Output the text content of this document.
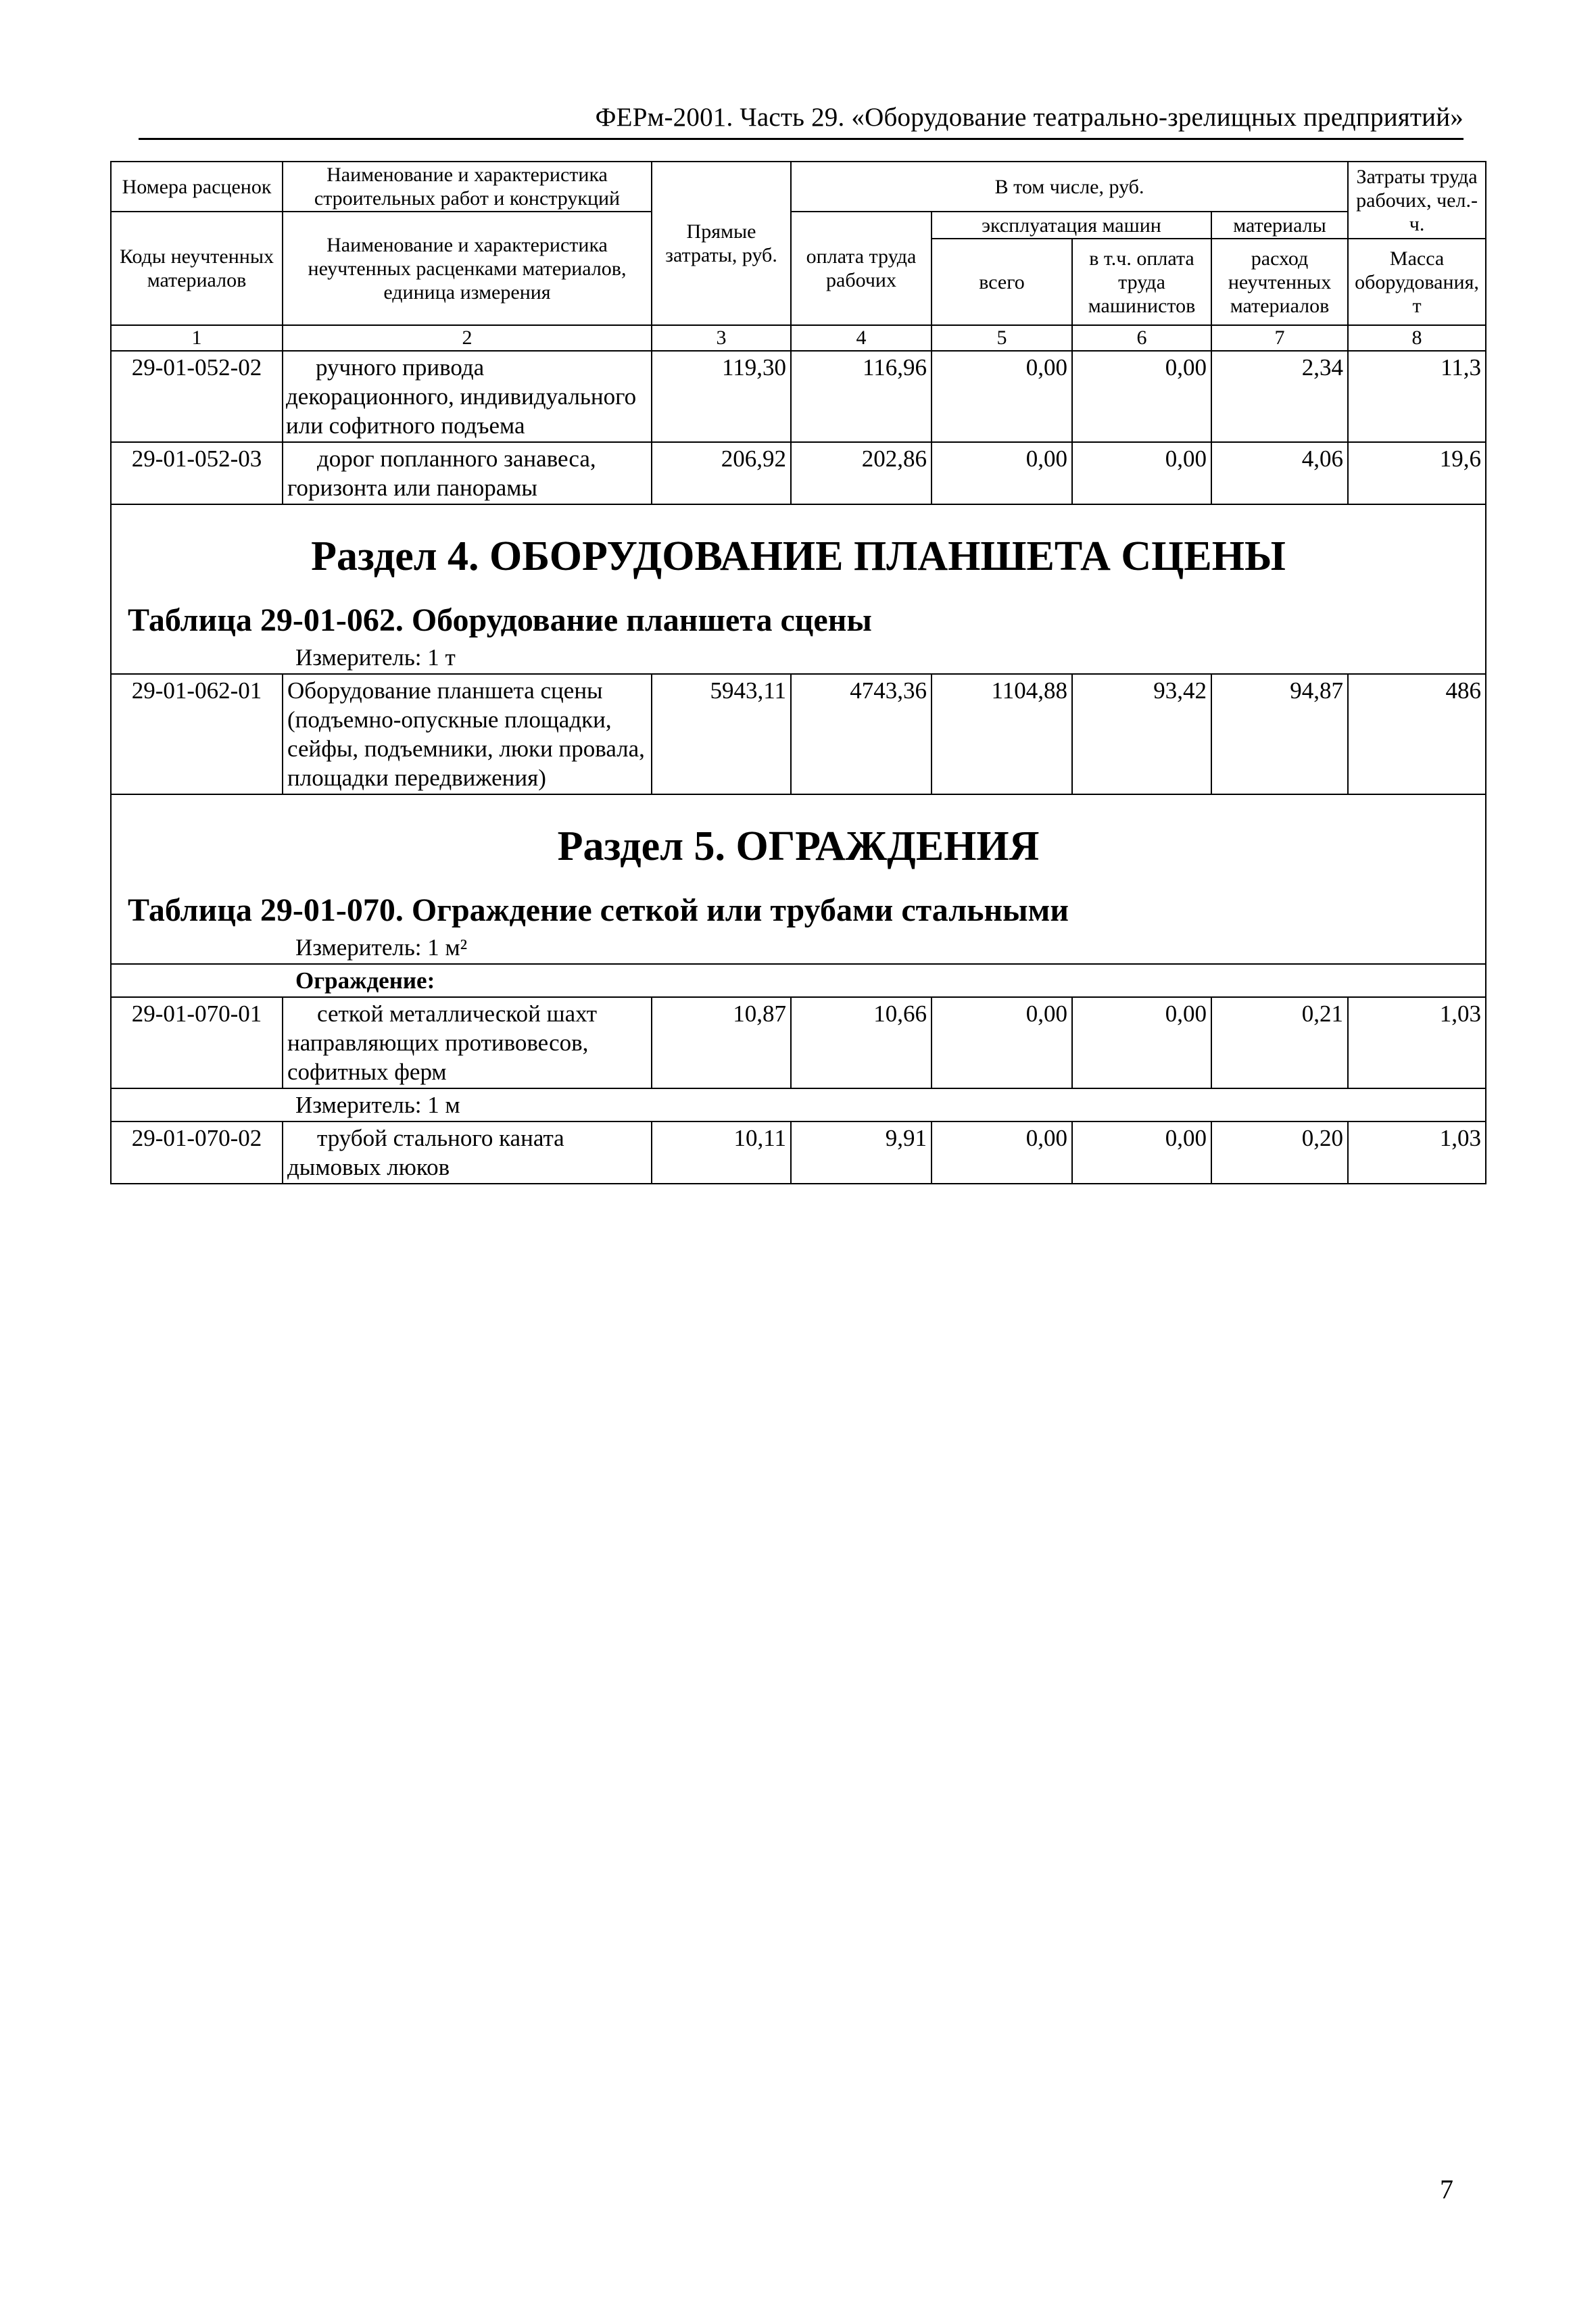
ФЕРм-2001. Часть 29. «Оборудование театрально-зрелищных предприятий»
Номера расценок	Наименование и характеристика строительных работ и конструкций	Прямые затраты, руб.	В том числе, руб.				Затраты труда рабочих, чел.-ч.
Коды неучтенных материалов	Наименование и характеристика неучтенных расценками материалов, единица измерения		оплата труда рабочих	эксплуатация машин		материалы	
				всего	в т.ч. оплата труда машинистов	расход неучтенных материалов	Масса оборудования, т
1	2	3	4	5	6	7	8
29-01-052-02	ручного привода декорационного, индивидуального или софитного подъема	119,30	116,96	0,00	0,00	2,34	11,3
29-01-052-03	дорог попланного занавеса, горизонта или панорамы	206,92	202,86	0,00	0,00	4,06	19,6
Раздел 4. ОБОРУДОВАНИЕ ПЛАНШЕТА СЦЕНЫ							
Таблица 29-01-062. Оборудование планшета сцены							
Измеритель: 1 т							
29-01-062-01	Оборудование планшета сцены (подъемно-опускные площадки, сейфы, подъемники, люки провала, площадки передвижения)	5943,11	4743,36	1104,88	93,42	94,87	486
Раздел 5. ОГРАЖДЕНИЯ							
Таблица 29-01-070. Ограждение сеткой или трубами стальными							
Измеритель: 1 м²							
Ограждение:							
29-01-070-01	сеткой металлической шахт направляющих противовесов, софитных ферм	10,87	10,66	0,00	0,00	0,21	1,03
Измеритель: 1 м							
29-01-070-02	трубой стального каната дымовых люков	10,11	9,91	0,00	0,00	0,20	1,03
7
